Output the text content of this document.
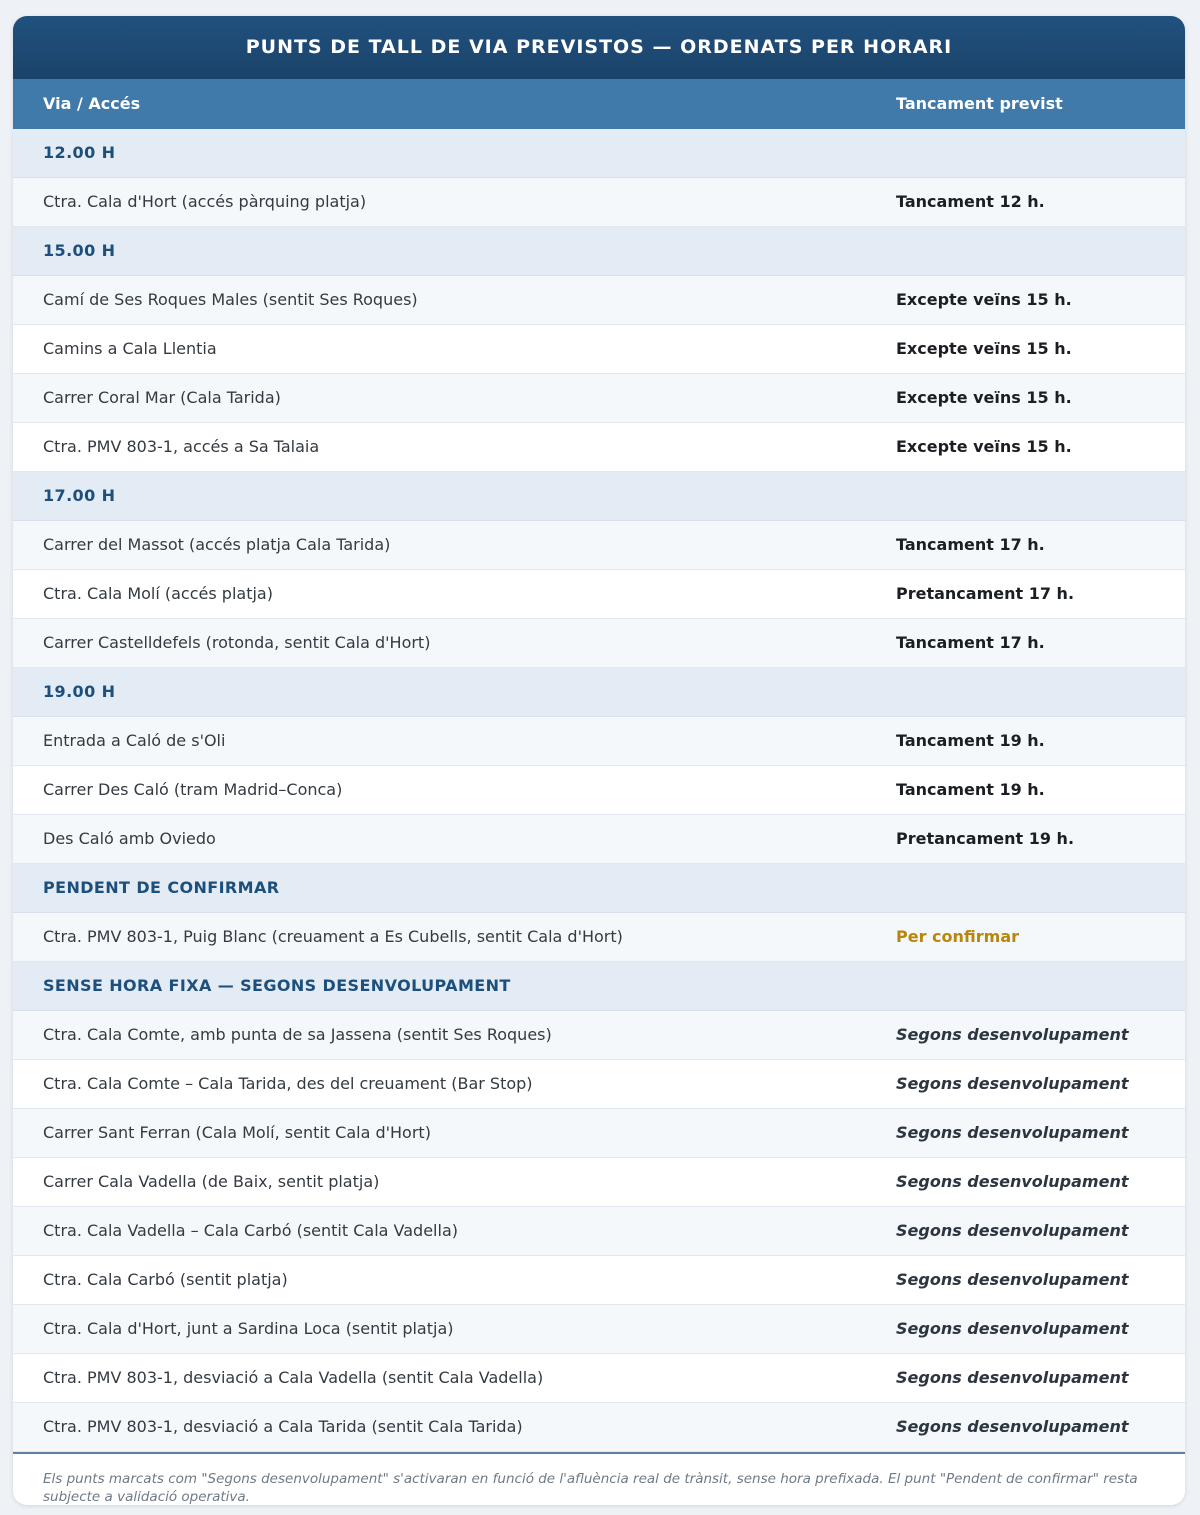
PUNTS DE TALL DE VIA PREVISTOS — ORDENATS PER HORARI
Via / Accés	Tancament previst
12.00 H
Ctra. Cala d'Hort (accés pàrquing platja)	Tancament 12 h.
15.00 H
Camí de Ses Roques Males (sentit Ses Roques)	Excepte veïns 15 h.
Camins a Cala Llentia	Excepte veïns 15 h.
Carrer Coral Mar (Cala Tarida)	Excepte veïns 15 h.
Ctra. PMV 803-1, accés a Sa Talaia	Excepte veïns 15 h.
17.00 H
Carrer del Massot (accés platja Cala Tarida)	Tancament 17 h.
Ctra. Cala Molí (accés platja)	Pretancament 17 h.
Carrer Castelldefels (rotonda, sentit Cala d'Hort)	Tancament 17 h.
19.00 H
Entrada a Caló de s'Oli	Tancament 19 h.
Carrer Des Caló (tram Madrid–Conca)	Tancament 19 h.
Des Caló amb Oviedo	Pretancament 19 h.
PENDENT DE CONFIRMAR
Ctra. PMV 803-1, Puig Blanc (creuament a Es Cubells, sentit Cala d'Hort)	Per confirmar
SENSE HORA FIXA — SEGONS DESENVOLUPAMENT
Ctra. Cala Comte, amb punta de sa Jassena (sentit Ses Roques)	Segons desenvolupament
Ctra. Cala Comte – Cala Tarida, des del creuament (Bar Stop)	Segons desenvolupament
Carrer Sant Ferran (Cala Molí, sentit Cala d'Hort)	Segons desenvolupament
Carrer Cala Vadella (de Baix, sentit platja)	Segons desenvolupament
Ctra. Cala Vadella – Cala Carbó (sentit Cala Vadella)	Segons desenvolupament
Ctra. Cala Carbó (sentit platja)	Segons desenvolupament
Ctra. Cala d'Hort, junt a Sardina Loca (sentit platja)	Segons desenvolupament
Ctra. PMV 803-1, desviació a Cala Vadella (sentit Cala Vadella)	Segons desenvolupament
Ctra. PMV 803-1, desviació a Cala Tarida (sentit Cala Tarida)	Segons desenvolupament
Els punts marcats com "Segons desenvolupament" s'activaran en funció de l'afluència real de trànsit, sense hora prefixada. El punt "Pendent de confirmar" resta subjecte a validació operativa.
